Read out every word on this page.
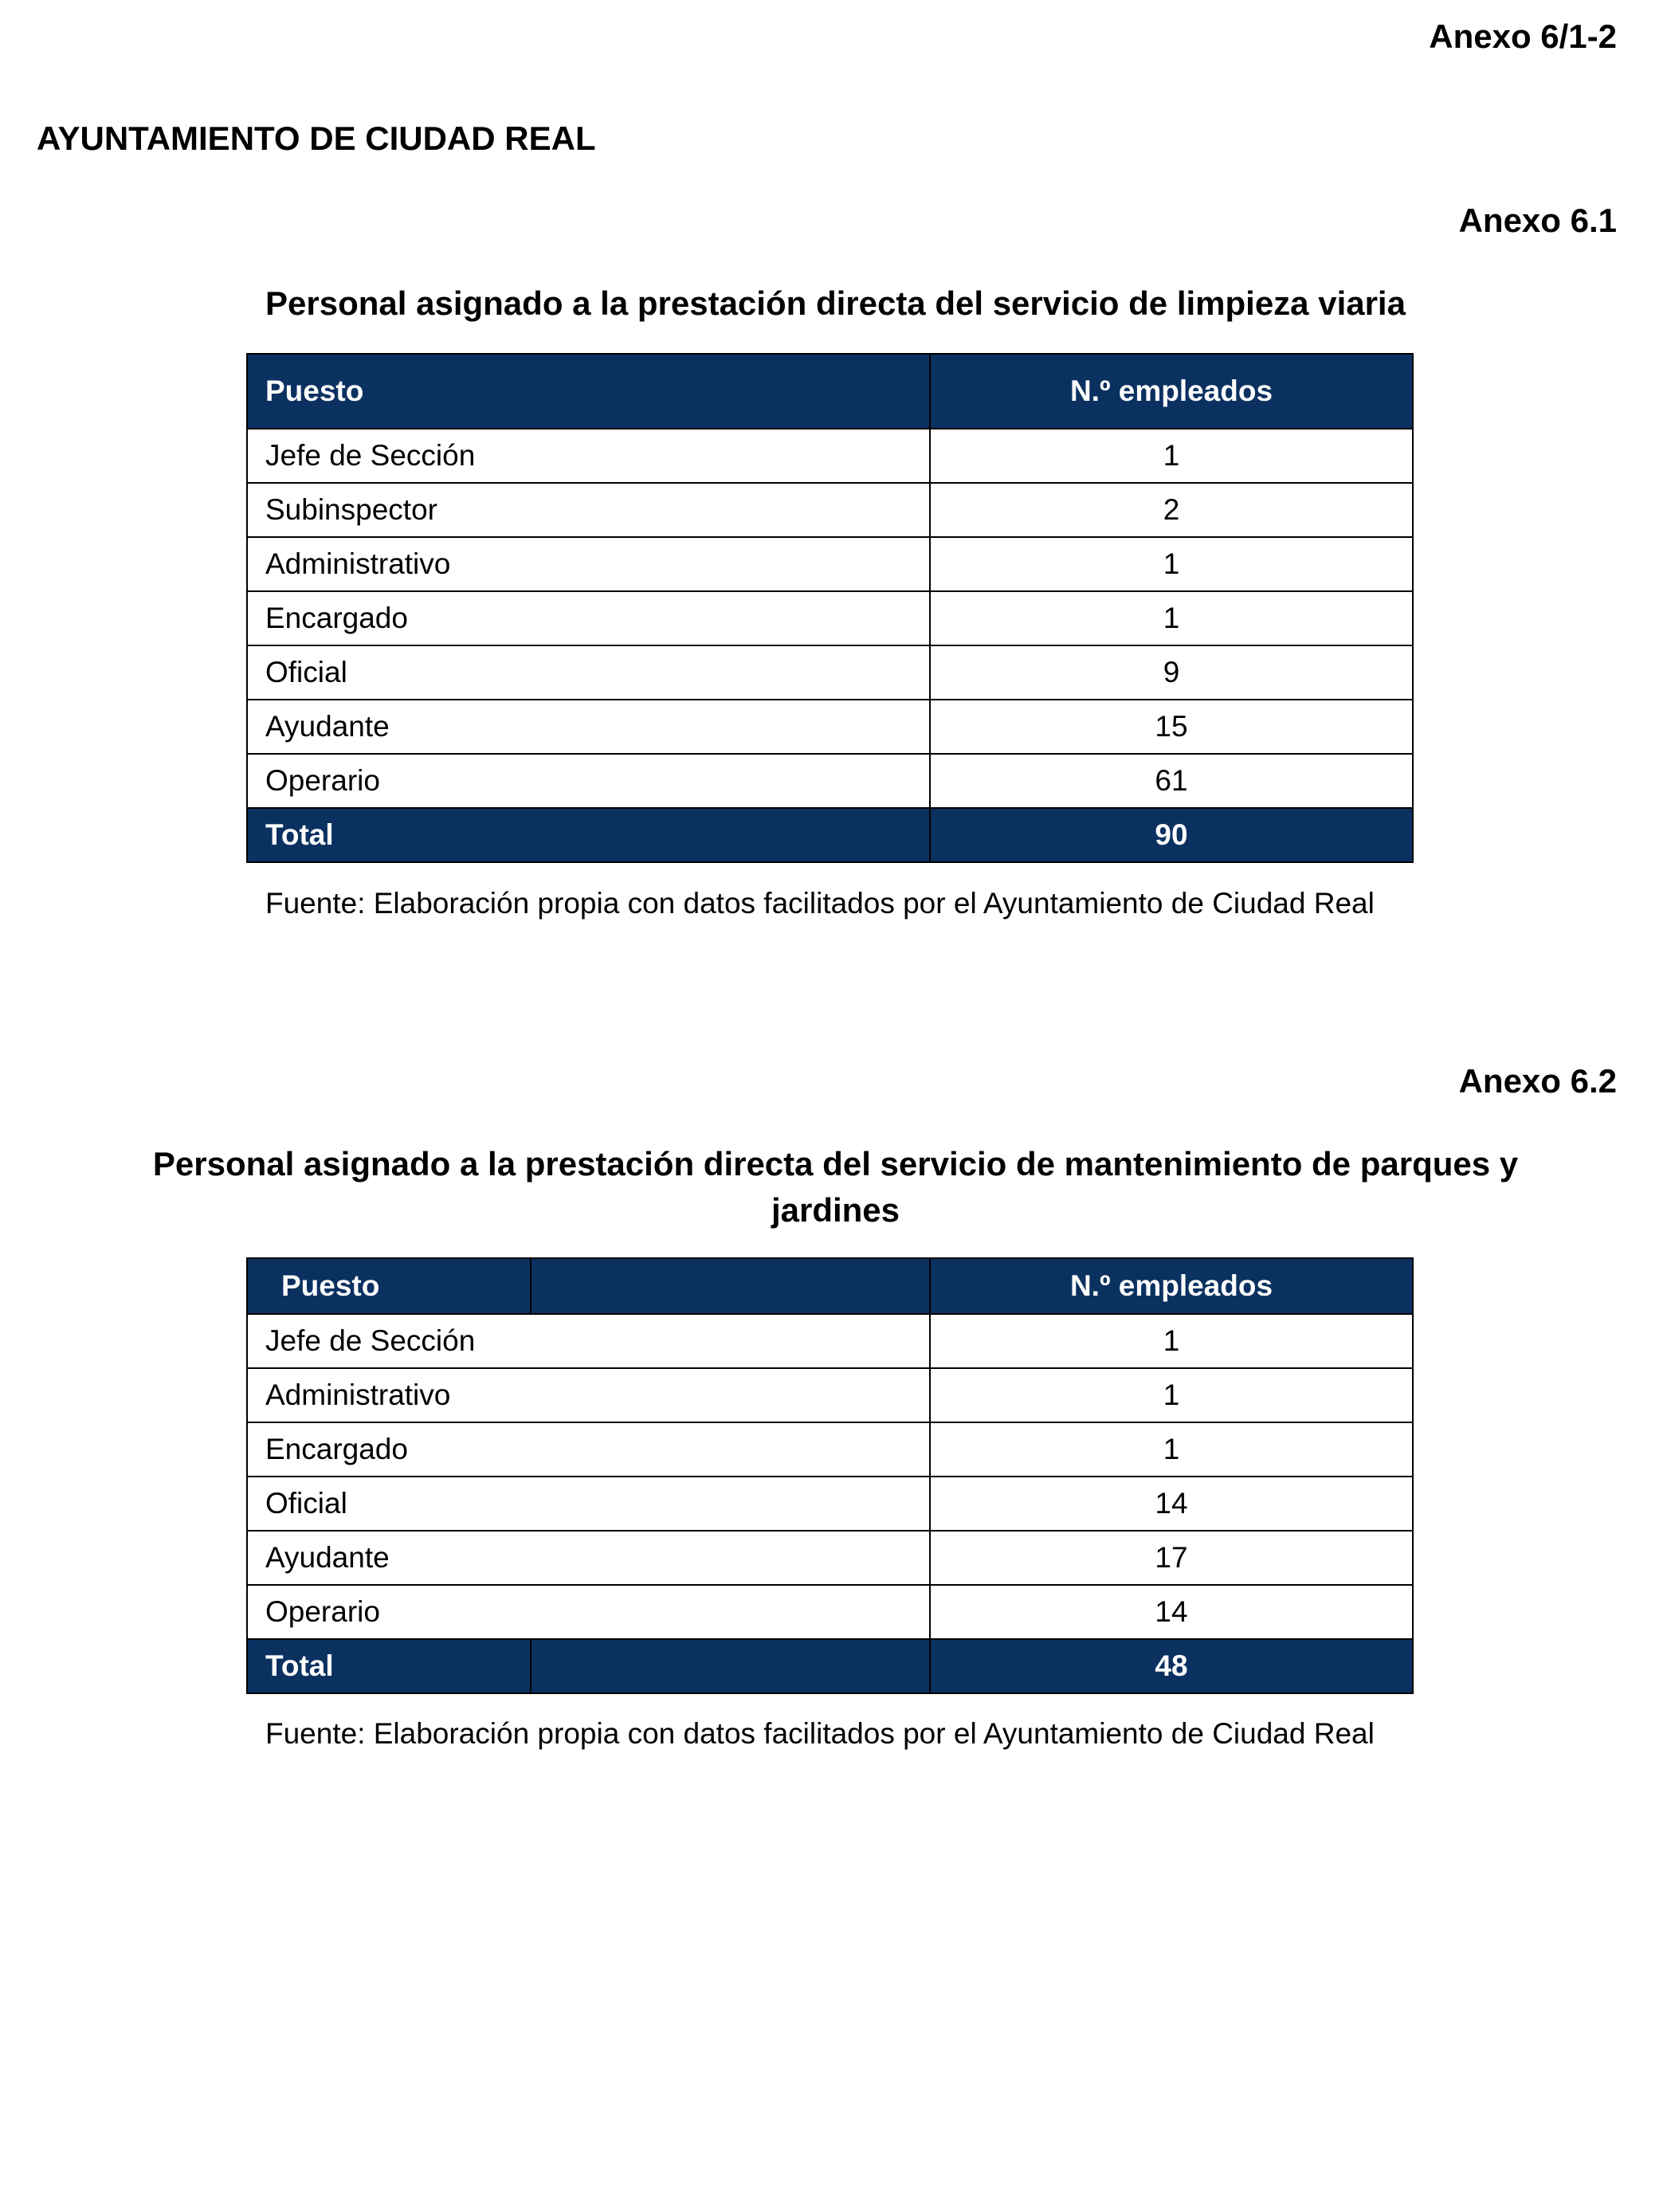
Anexo 6/1-2

AYUNTAMIENTO DE CIUDAD REAL

Anexo 6.1

Personal asignado a la prestación directa del servicio de limpieza viaria

Puesto	N.º empleados
Jefe de Sección	1
Subinspector	2
Administrativo	1
Encargado	1
Oficial	9
Ayudante	15
Operario	61
Total	90

Fuente: Elaboración propia con datos facilitados por el Ayuntamiento de Ciudad Real

Anexo 6.2

Personal asignado a la prestación directa del servicio de mantenimiento de parques y
jardines

Puesto		N.º empleados
Jefe de Sección		1
Administrativo		1
Encargado		1
Oficial		14
Ayudante		17
Operario		14
Total		48

Fuente: Elaboración propia con datos facilitados por el Ayuntamiento de Ciudad Real
